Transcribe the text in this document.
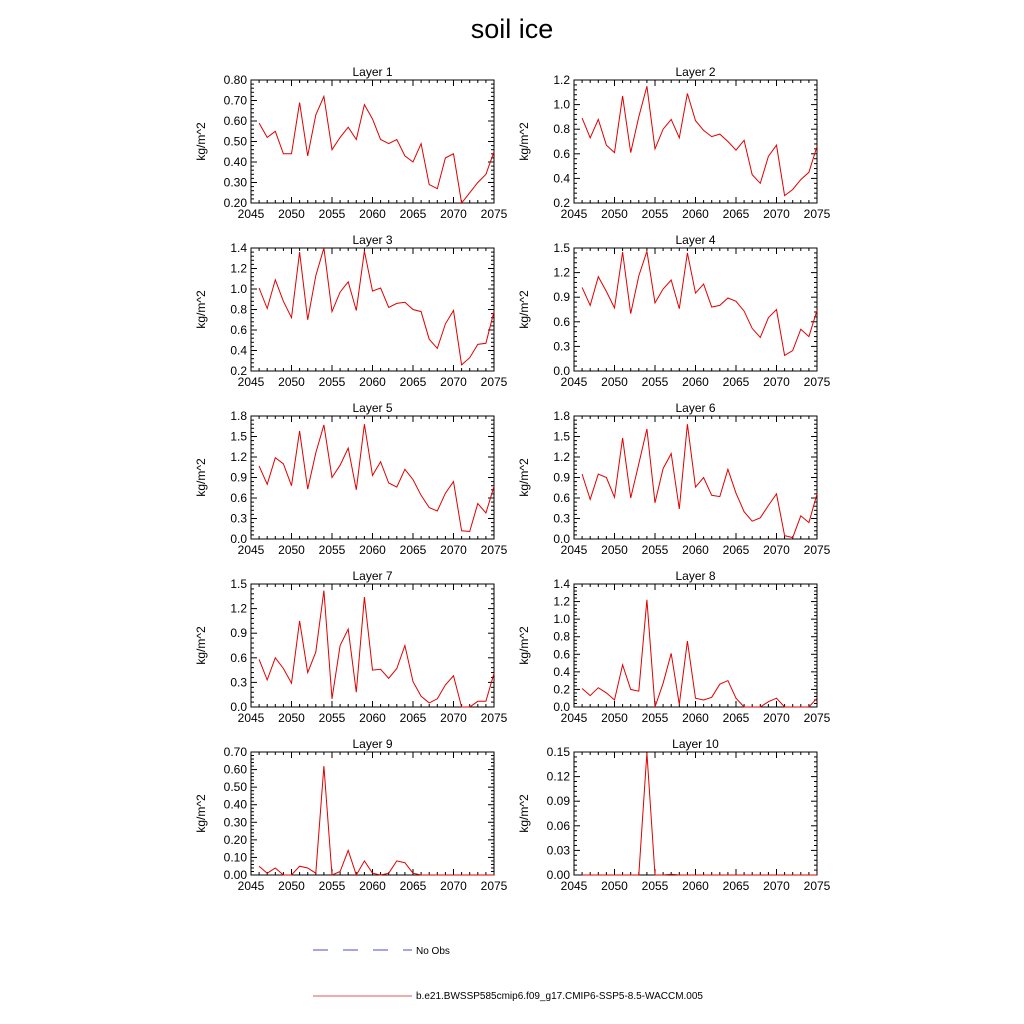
soil ice
Layer 1
kg/m^2
0.20
0.30
0.40
0.50
0.60
0.70
0.80
2045 2050 2055 2060 2065 2070 2075
Layer 2
kg/m^2
0.2
0.4
0.6
0.8
1.0
1.2
2045 2050 2055 2060 2065 2070 2075
Layer 3
kg/m^2
0.2
0.4
0.6
0.8
1.0
1.2
1.4
2045 2050 2055 2060 2065 2070 2075
Layer 4
kg/m^2
0.0
0.3
0.6
0.9
1.2
1.5
2045 2050 2055 2060 2065 2070 2075
Layer 5
kg/m^2
0.0
0.3
0.6
0.9
1.2
1.5
1.8
2045 2050 2055 2060 2065 2070 2075
Layer 6
kg/m^2
0.0
0.3
0.6
0.9
1.2
1.5
1.8
2045 2050 2055 2060 2065 2070 2075
Layer 7
kg/m^2
0.0
0.3
0.6
0.9
1.2
1.5
2045 2050 2055 2060 2065 2070 2075
Layer 8
kg/m^2
0.0
0.2
0.4
0.6
0.8
1.0
1.2
1.4
2045 2050 2055 2060 2065 2070 2075
Layer 9
kg/m^2
0.00
0.10
0.20
0.30
0.40
0.50
0.60
0.70
2045 2050 2055 2060 2065 2070 2075
Layer 10
kg/m^2
0.00
0.03
0.06
0.09
0.12
0.15
2045 2050 2055 2060 2065 2070 2075
No Obs
b.e21.BWSSP585cmip6.f09_g17.CMIP6-SSP5-8.5-WACCM.005
